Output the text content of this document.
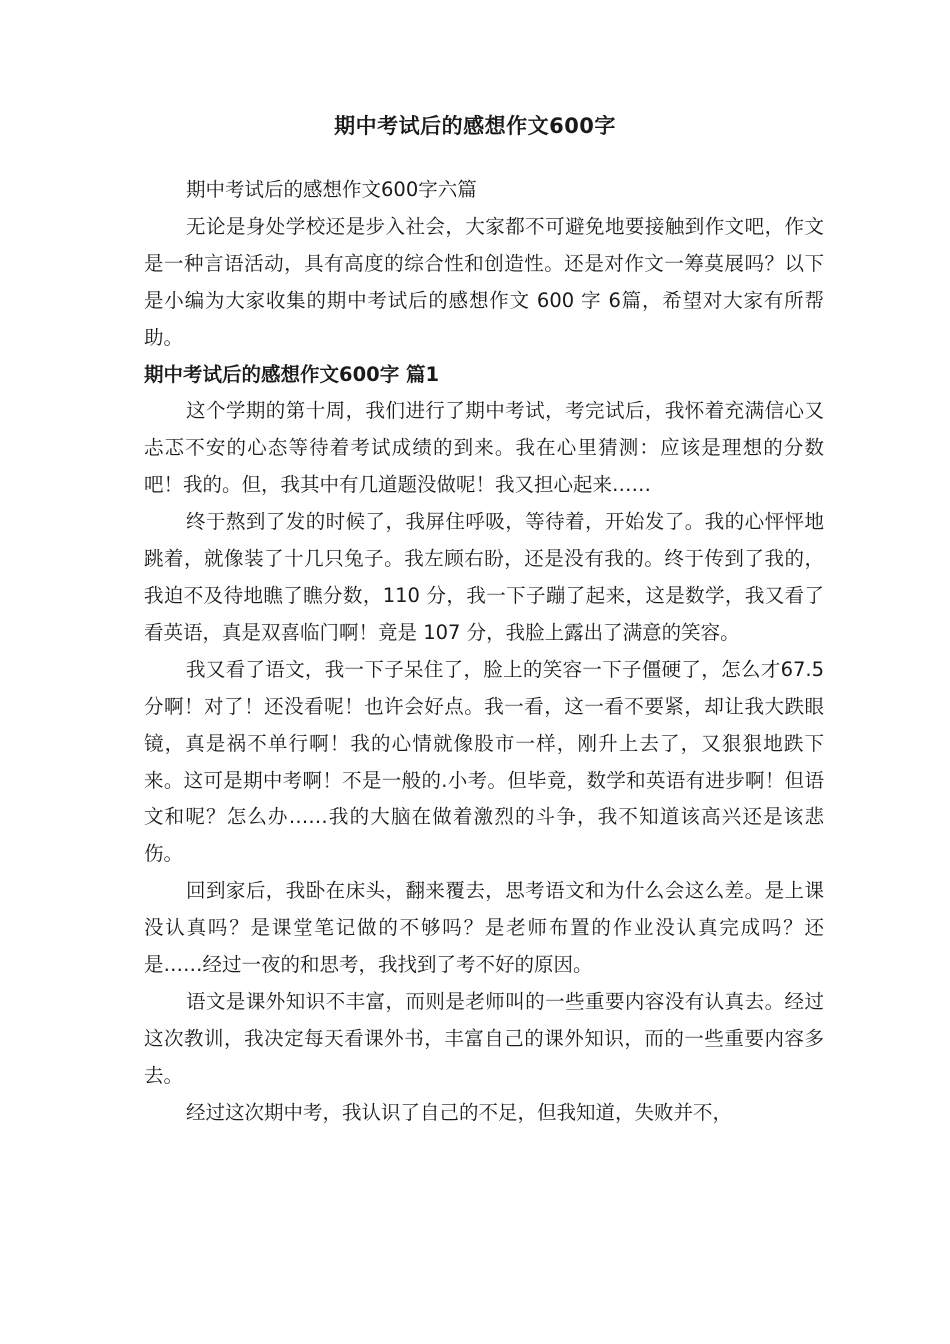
期中考试后的感想作文600字

期中考试后的感想作文600字六篇

无论是身处学校还是步入社会，大家都不可避免地要接触到作文吧，作文是一种言语活动，具有高度的综合性和创造性。还是对作文一筹莫展吗？以下是小编为大家收集的期中考试后的感想作文 600 字 6篇，希望对大家有所帮助。

期中考试后的感想作文600字 篇1

这个学期的第十周，我们进行了期中考试，考完试后，我怀着充满信心又忐忑不安的心态等待着考试成绩的到来。我在心里猜测：应该是理想的分数吧！我的。但，我其中有几道题没做呢！我又担心起来……

终于熬到了发的时候了，我屏住呼吸，等待着，开始发了。我的心怦怦地跳着，就像装了十几只兔子。我左顾右盼，还是没有我的。终于传到了我的，我迫不及待地瞧了瞧分数，110 分，我一下子蹦了起来，这是数学，我又看了看英语，真是双喜临门啊！竟是 107 分，我脸上露出了满意的笑容。

我又看了语文，我一下子呆住了，脸上的笑容一下子僵硬了，怎么才67.5分啊！对了！还没看呢！也许会好点。我一看，这一看不要紧，却让我大跌眼镜，真是祸不单行啊！我的心情就像股市一样，刚升上去了，又狠狠地跌下来。这可是期中考啊！不是一般的.小考。但毕竟，数学和英语有进步啊！但语文和呢？怎么办……我的大脑在做着激烈的斗争，我不知道该高兴还是该悲伤。

回到家后，我卧在床头，翻来覆去，思考语文和为什么会这么差。是上课没认真吗？是课堂笔记做的不够吗？是老师布置的作业没认真完成吗？还是……经过一夜的和思考，我找到了考不好的原因。

语文是课外知识不丰富，而则是老师叫的一些重要内容没有认真去。经过这次教训，我决定每天看课外书，丰富自己的课外知识，而的一些重要内容多去。

经过这次期中考，我认识了自己的不足，但我知道，失败并不，
